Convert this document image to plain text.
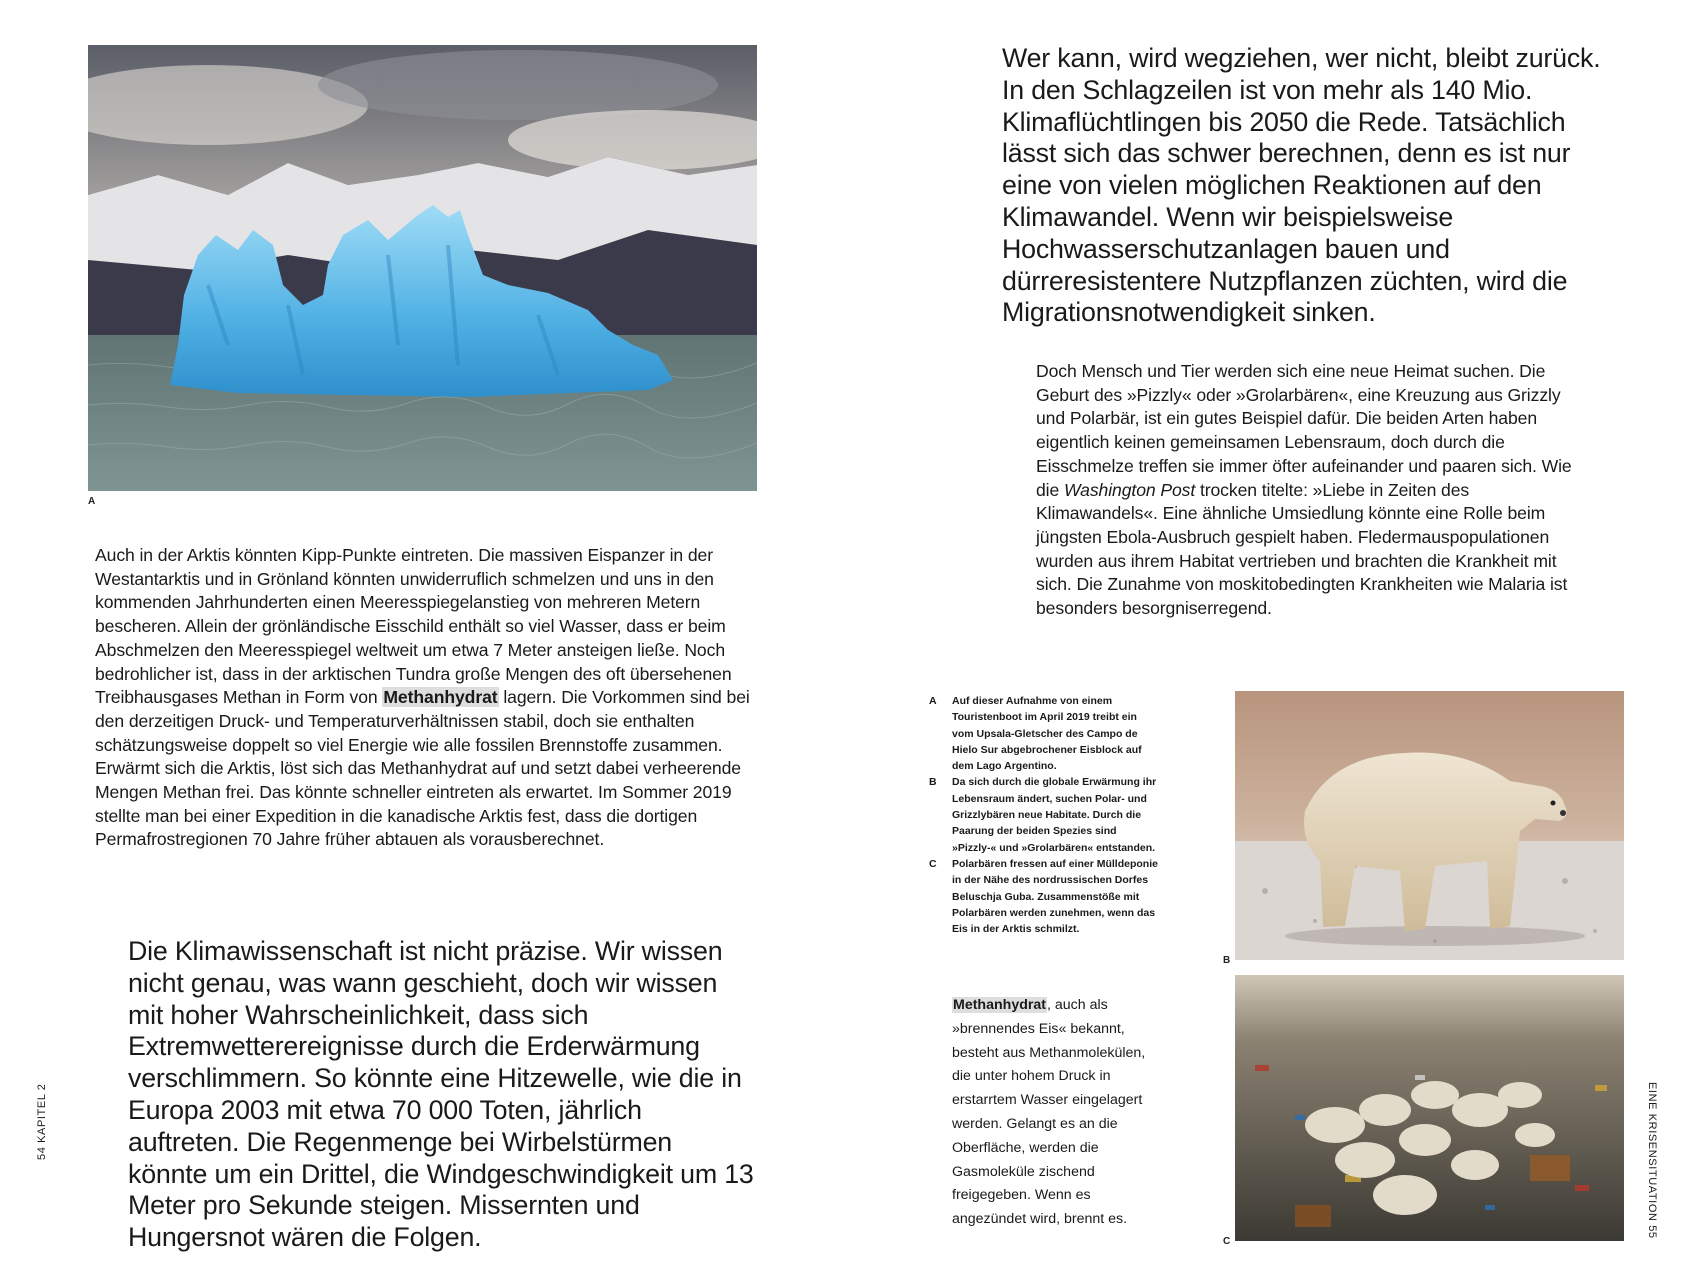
A

Auch in der Arktis könnten Kipp-Punkte eintreten. Die massiven Eispanzer in der Westantarktis und in Grönland könnten unwiderruflich schmelzen und uns in den kommenden Jahrhunderten einen Meeresspiegelanstieg von mehreren Metern bescheren. Allein der grönländische Eisschild enthält so viel Wasser, dass er beim Abschmelzen den Meeresspiegel weltweit um etwa 7 Meter ansteigen ließe. Noch bedrohlicher ist, dass in der arktischen Tundra große Mengen des oft übersehenen Treibhausgases Methan in Form von Methanhydrat lagern. Die Vorkommen sind bei den derzeitigen Druck- und Temperaturverhältnissen stabil, doch sie enthalten schätzungsweise doppelt so viel Energie wie alle fossilen Brennstoffe zusammen. Erwärmt sich die Arktis, löst sich das Methanhydrat auf und setzt dabei verheerende Mengen Methan frei. Das könnte schneller eintreten als erwartet. Im Sommer 2019 stellte man bei einer Expedition in die kanadische Arktis fest, dass die dortigen Permafrostregionen 70 Jahre früher abtauen als vorausberechnet.

Die Klimawissenschaft ist nicht präzise. Wir wissen nicht genau, was wann geschieht, doch wir wissen mit hoher Wahrscheinlichkeit, dass sich Extremwetterereignisse durch die Erderwärmung verschlimmern. So könnte eine Hitzewelle, wie die in Europa 2003 mit etwa 70 000 Toten, jährlich auftreten. Die Regenmenge bei Wirbelstürmen könnte um ein Drittel, die Windgeschwindigkeit um 13 Meter pro Sekunde steigen. Missernten und Hungersnot wären die Folgen.

54 KAPITEL 2

Wer kann, wird wegziehen, wer nicht, bleibt zurück. In den Schlagzeilen ist von mehr als 140 Mio. Klimaflüchtlingen bis 2050 die Rede. Tatsächlich lässt sich das schwer berechnen, denn es ist nur eine von vielen möglichen Reaktionen auf den Klimawandel. Wenn wir beispielsweise Hochwasserschutzanlagen bauen und dürreresistentere Nutzpflanzen züchten, wird die Migrationsnotwendigkeit sinken.

Doch Mensch und Tier werden sich eine neue Heimat suchen. Die Geburt des »Pizzly« oder »Grolarbären«, eine Kreuzung aus Grizzly und Polarbär, ist ein gutes Beispiel dafür. Die beiden Arten haben eigentlich keinen gemeinsamen Lebensraum, doch durch die Eisschmelze treffen sie immer öfter aufeinander und paaren sich. Wie die Washington Post trocken titelte: »Liebe in Zeiten des Klimawandels«. Eine ähnliche Umsiedlung könnte eine Rolle beim jüngsten Ebola-Ausbruch gespielt haben. Fledermauspopulationen wurden aus ihrem Habitat vertrieben und brachten die Krankheit mit sich. Die Zunahme von moskitobedingten Krankheiten wie Malaria ist besonders besorgniserregend.

A Auf dieser Aufnahme von einem Touristenboot im April 2019 treibt ein vom Upsala-Gletscher des Campo de Hielo Sur abgebrochener Eisblock auf dem Lago Argentino.
B Da sich durch die globale Erwärmung ihr Lebensraum ändert, suchen Polar- und Grizzlybären neue Habitate. Durch die Paarung der beiden Spezies sind »Pizzly-« und »Grolarbären« entstanden.
C Polarbären fressen auf einer Mülldeponie in der Nähe des nordrussischen Dorfes Beluschja Guba. Zusammenstöße mit Polarbären werden zunehmen, wenn das Eis in der Arktis schmilzt.
B

Methanhydrat, auch als »brennendes Eis« bekannt, besteht aus Methanmolekülen, die unter hohem Druck in erstarrtem Wasser eingelagert werden. Gelangt es an die Oberfläche, werden die Gasmoleküle zischend freigegeben. Wenn es angezündet wird, brennt es.

C
EINE KRISENSITUATION 55
